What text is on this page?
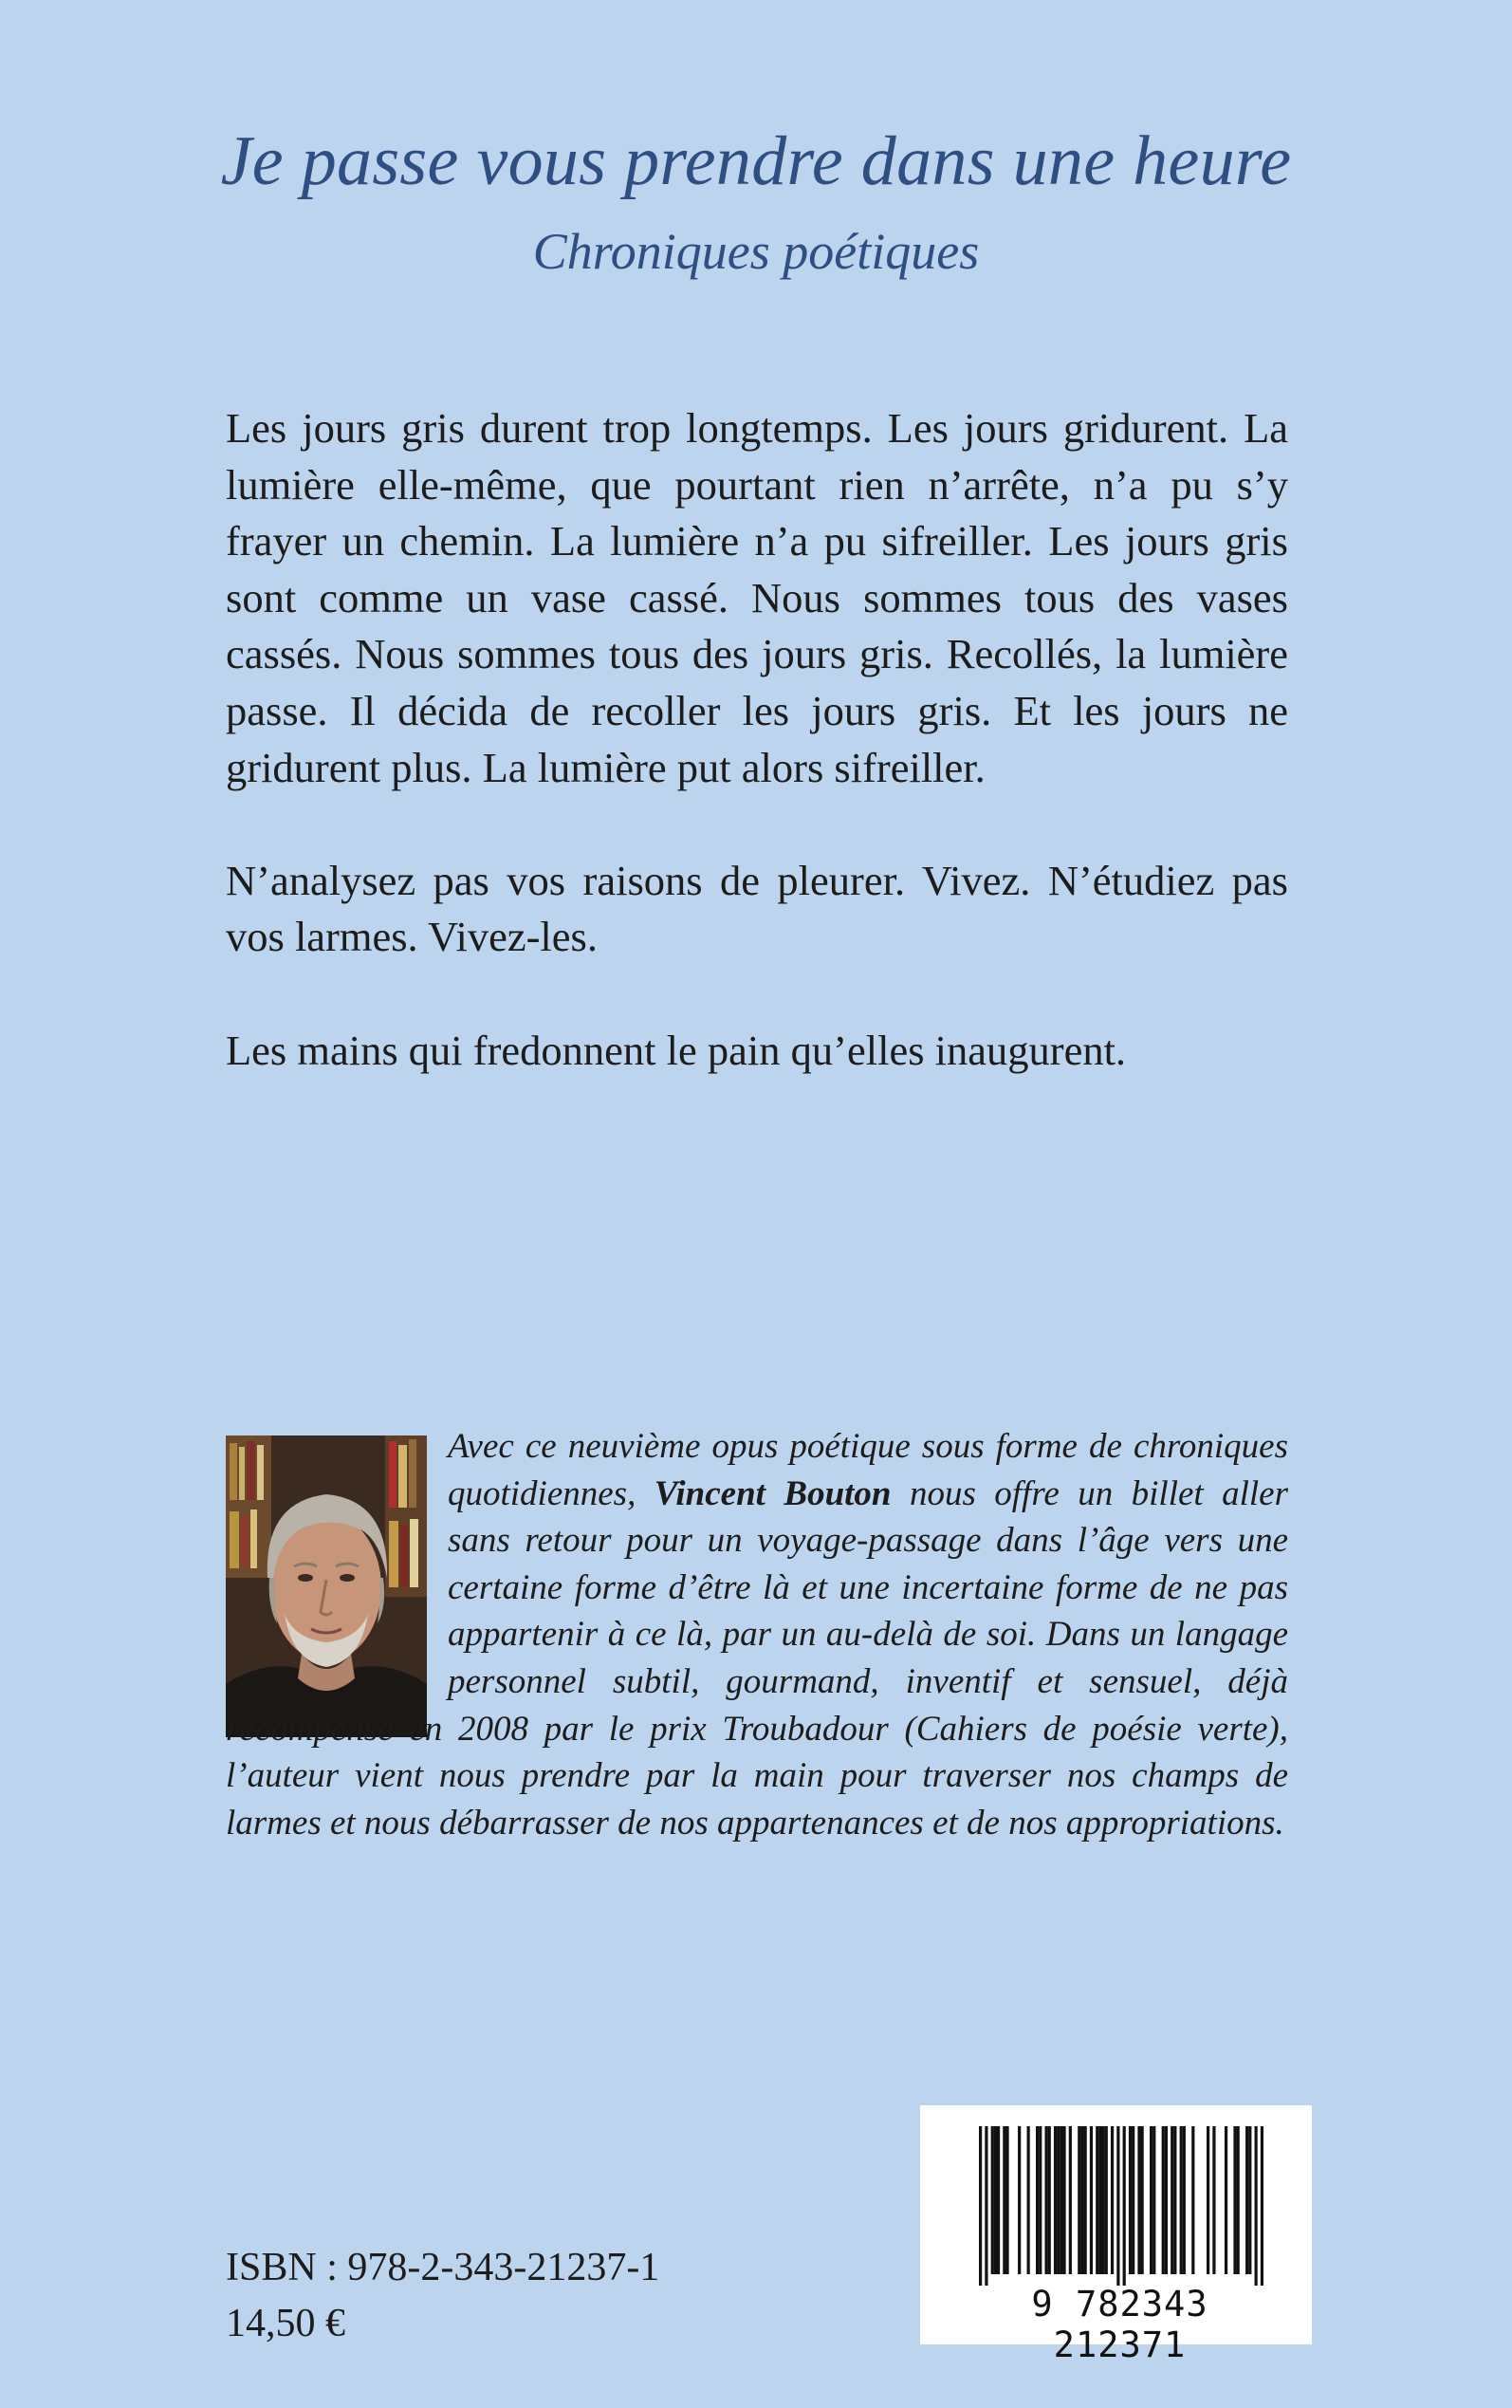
Je passe vous prendre dans une heure
Chroniques poétiques

Les jours gris durent trop longtemps. Les jours gridurent. La lumière elle-même, que pourtant rien n’arrête, n’a pu s’y frayer un chemin. La lumière n’a pu sifreiller. Les jours gris sont comme un vase cassé. Nous sommes tous des vases cassés. Nous sommes tous des jours gris. Recollés, la lumière passe. Il décida de recoller les jours gris. Et les jours ne gridurent plus. La lumière put alors sifreiller.

N’analysez pas vos raisons de pleurer. Vivez. N’étudiez pas vos larmes. Vivez-les.

Les mains qui fredonnent le pain qu’elles inaugurent.

Avec ce neuvième opus poétique sous forme de chroniques quotidiennes, Vincent Bouton nous offre un billet aller sans retour pour un voyage-passage dans l’âge vers une certaine forme d’être là et une incertaine forme de ne pas appartenir à ce là, par un au-delà de soi. Dans un langage personnel subtil, gourmand, inventif et sensuel, déjà récompensé en 2008 par le prix Troubadour (Cahiers de poésie verte), l’auteur vient nous prendre par la main pour traverser nos champs de larmes et nous débarrasser de nos appartenances et de nos appropriations.

ISBN : 978-2-343-21237-1
14,50 €	9 782343 212371
